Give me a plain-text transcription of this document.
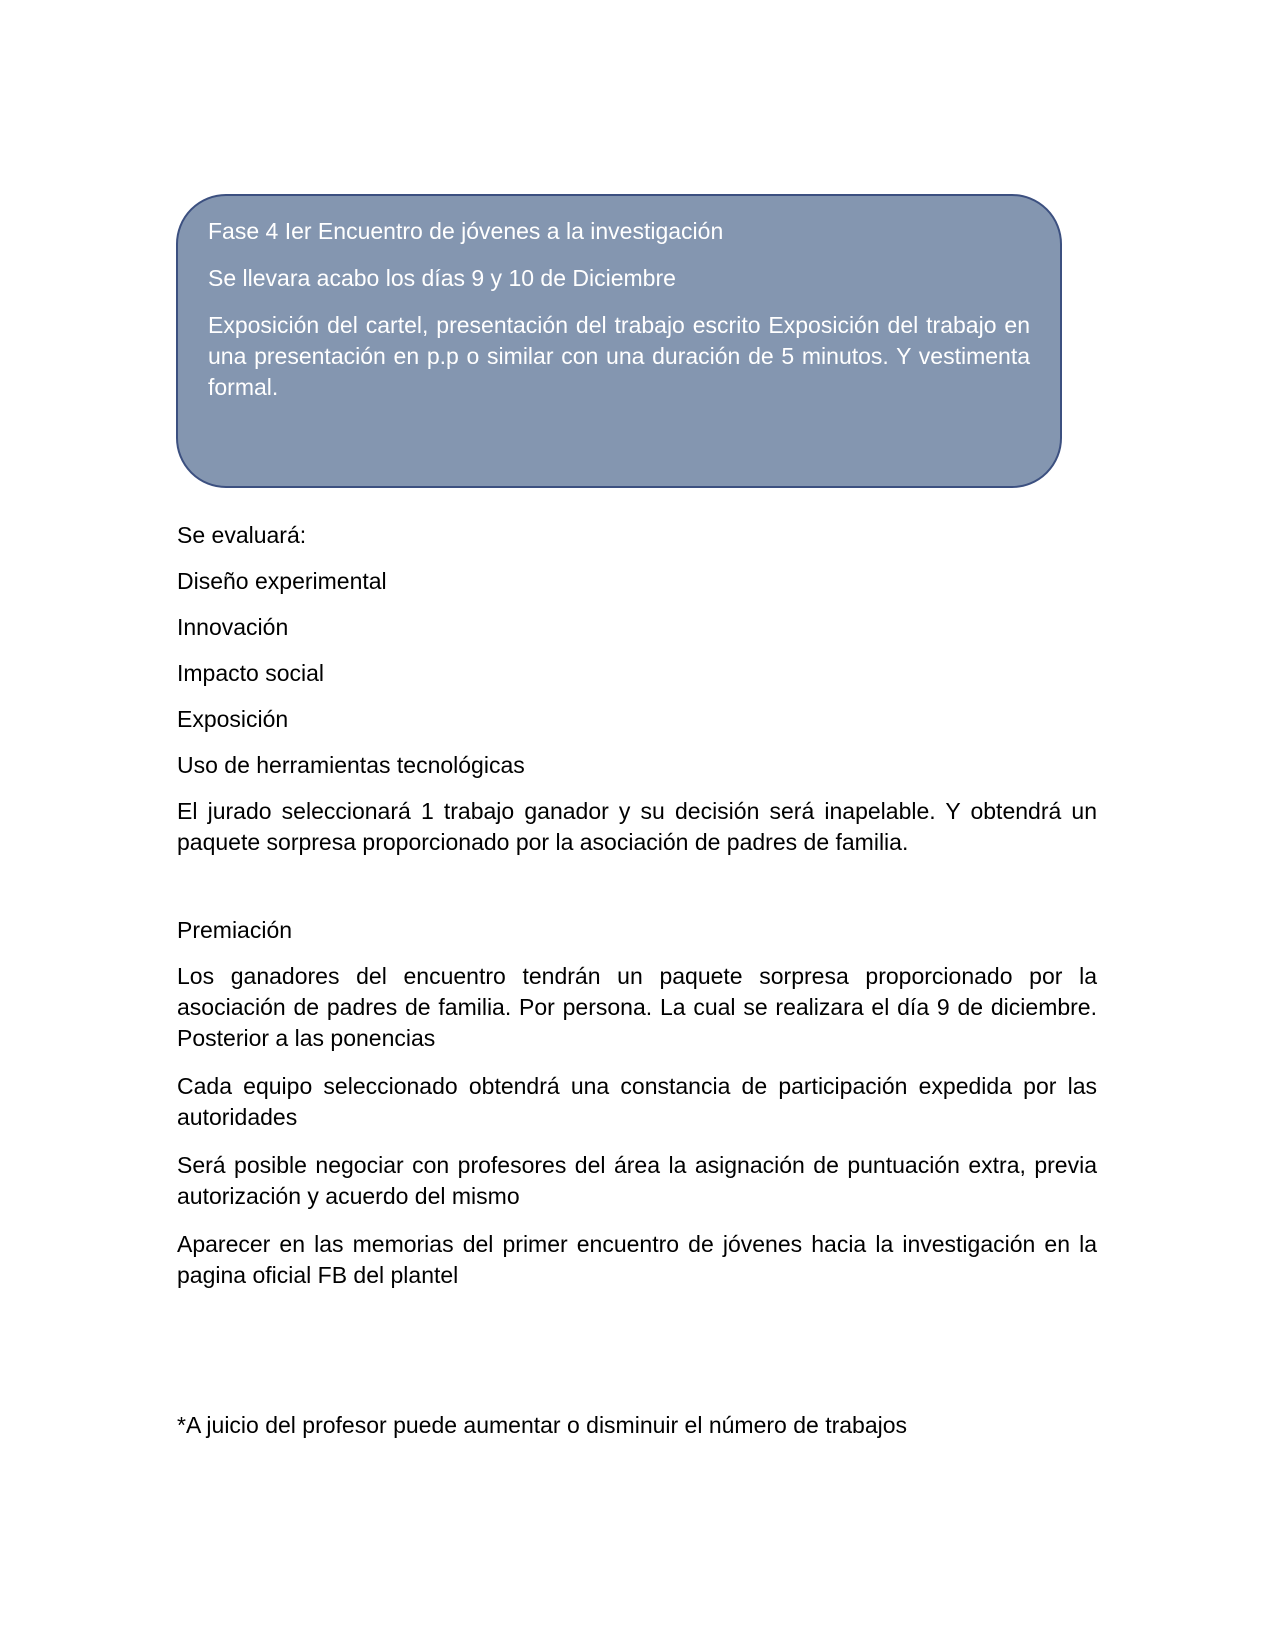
Fase 4 Ier Encuentro de jóvenes a la investigación

Se llevara acabo los días 9 y 10 de Diciembre

Exposición del cartel, presentación del trabajo escrito Exposición del trabajo en una presentación en p.p o similar con una duración de 5 minutos. Y vestimenta formal.

Se evaluará:

Diseño experimental

Innovación

Impacto social

Exposición

Uso de herramientas tecnológicas

El jurado seleccionará 1 trabajo ganador y su decisión será inapelable. Y obtendrá un paquete sorpresa proporcionado por la asociación de padres de familia.

Premiación

Los ganadores del encuentro tendrán un paquete sorpresa proporcionado por la asociación de padres de familia. Por persona. La cual se realizara el día 9 de diciembre. Posterior a las ponencias

Cada equipo seleccionado obtendrá una constancia de participación expedida por las autoridades

Será posible negociar con profesores del área la asignación de puntuación extra, previa autorización y acuerdo del mismo

Aparecer en las memorias del primer encuentro de jóvenes hacia la investigación en la pagina oficial FB del plantel

*A juicio del profesor puede aumentar o disminuir el número de trabajos
